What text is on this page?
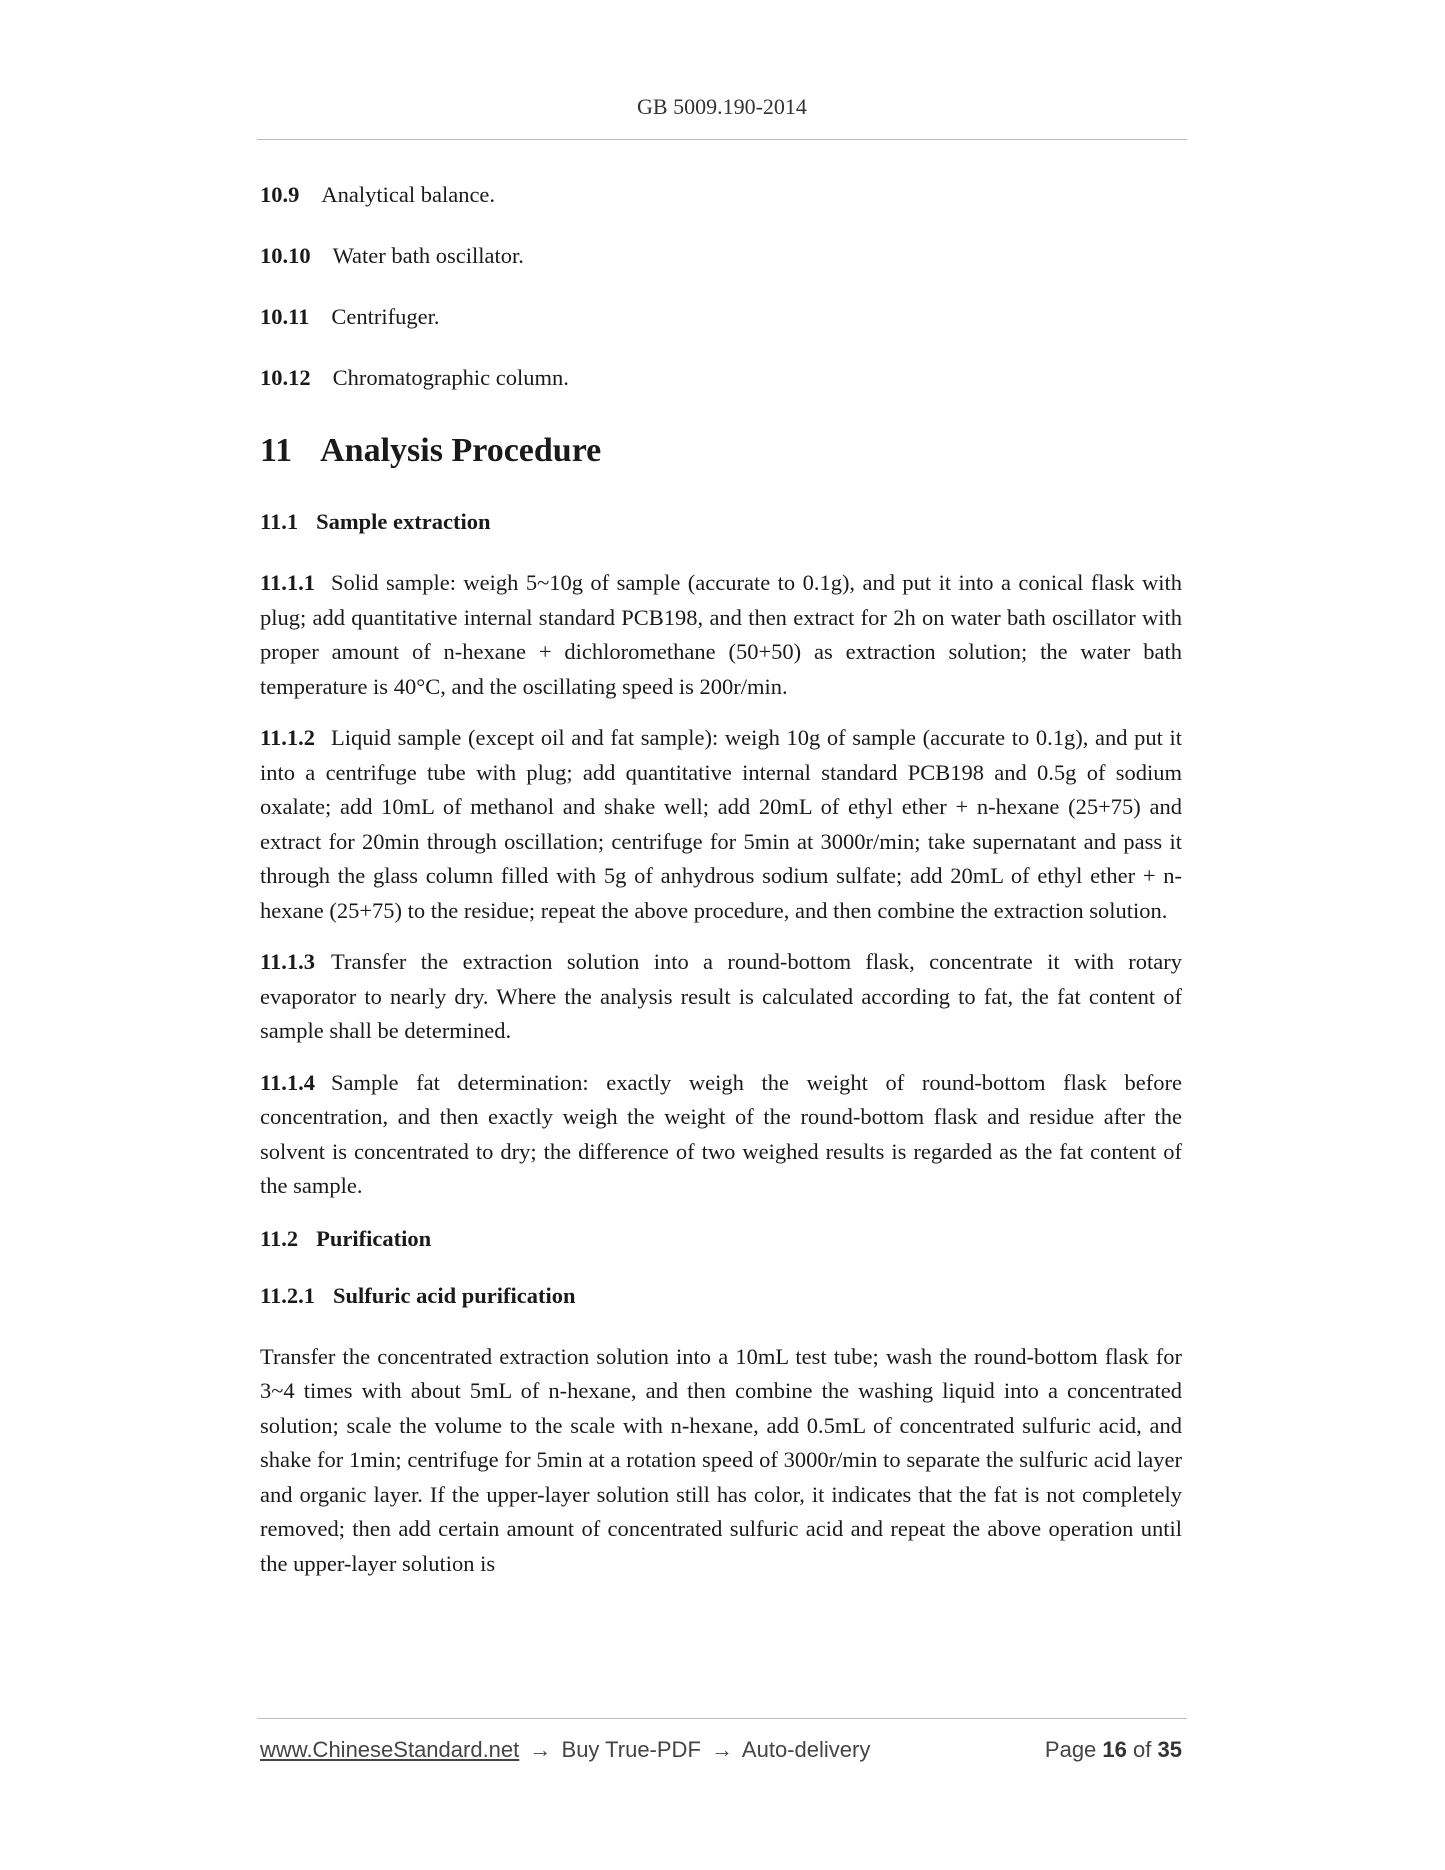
GB 5009.190-2014
10.9 Analytical balance.
10.10 Water bath oscillator.
10.11 Centrifuger.
10.12 Chromatographic column.
11 Analysis Procedure
11.1 Sample extraction

11.1.1 Solid sample: weigh 5~10g of sample (accurate to 0.1g), and put it into a conical flask with plug; add quantitative internal standard PCB198, and then extract for 2h on water bath oscillator with proper amount of n-hexane + dichloromethane (50+50) as extraction solution; the water bath temperature is 40°C, and the oscillating speed is 200r/min.

11.1.2 Liquid sample (except oil and fat sample): weigh 10g of sample (accurate to 0.1g), and put it into a centrifuge tube with plug; add quantitative internal standard PCB198 and 0.5g of sodium oxalate; add 10mL of methanol and shake well; add 20mL of ethyl ether + n-hexane (25+75) and extract for 20min through oscillation; centrifuge for 5min at 3000r/min; take supernatant and pass it through the glass column filled with 5g of anhydrous sodium sulfate; add 20mL of ethyl ether + n-hexane (25+75) to the residue; repeat the above procedure, and then combine the extraction solution.

11.1.3 Transfer the extraction solution into a round-bottom flask, concentrate it with rotary evaporator to nearly dry. Where the analysis result is calculated according to fat, the fat content of sample shall be determined.

11.1.4 Sample fat determination: exactly weigh the weight of round-bottom flask before concentration, and then exactly weigh the weight of the round-bottom flask and residue after the solvent is concentrated to dry; the difference of two weighed results is regarded as the fat content of the sample.

11.2 Purification
11.2.1 Sulfuric acid purification

Transfer the concentrated extraction solution into a 10mL test tube; wash the round-bottom flask for 3~4 times with about 5mL of n-hexane, and then combine the washing liquid into a concentrated solution; scale the volume to the scale with n-hexane, add 0.5mL of concentrated sulfuric acid, and shake for 1min; centrifuge for 5min at a rotation speed of 3000r/min to separate the sulfuric acid layer and organic layer. If the upper-layer solution still has color, it indicates that the fat is not completely removed; then add certain amount of concentrated sulfuric acid and repeat the above operation until the upper-layer solution is

www.ChineseStandard.net → Buy True-PDF → Auto-delivery	Page 16 of 35
